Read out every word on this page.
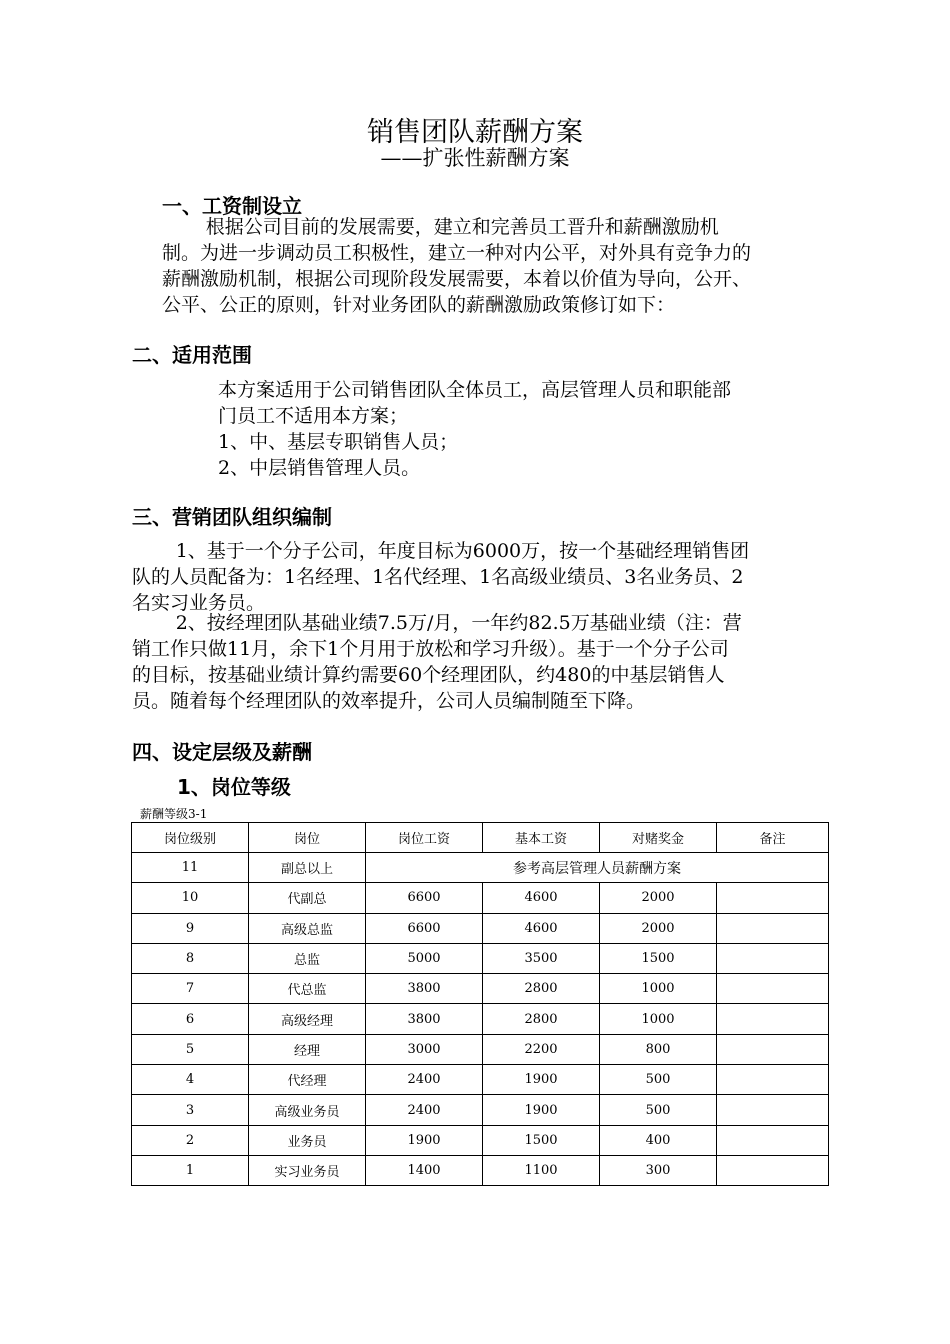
销售团队薪酬方案
——扩张性薪酬方案
一、工资制设立
根据公司目前的发展需要，建立和完善员工晋升和薪酬激励机
制。为进一步调动员工积极性，建立一种对内公平，对外具有竞争力的
薪酬激励机制，根据公司现阶段发展需要，本着以价值为导向，公开、
公平、公正的原则，针对业务团队的薪酬激励政策修订如下：
二、适用范围
本方案适用于公司销售团队全体员工，高层管理人员和职能部
门员工不适用本方案；
1、中、基层专职销售人员；
2、中层销售管理人员。
三、营销团队组织编制
1、基于一个分子公司，年度目标为6000万，按一个基础经理销售团
队的人员配备为：1名经理、1名代经理、1名高级业绩员、3名业务员、2
名实习业务员。
2、按经理团队基础业绩7.5万/月，一年约82.5万基础业绩（注：营
销工作只做11月，余下1个月用于放松和学习升级）。基于一个分子公司
的目标，按基础业绩计算约需要60个经理团队，约480的中基层销售人
员。随着每个经理团队的效率提升，公司人员编制随至下降。
四、设定层级及薪酬
1、岗位等级
薪酬等级3-1
岗位级别	岗位	岗位工资	基本工资	对赌奖金	备注
11	副总以上	参考高层管理人员薪酬方案			
10	代副总	6600	4600	2000	
9	高级总监	6600	4600	2000	
8	总监	5000	3500	1500	
7	代总监	3800	2800	1000	
6	高级经理	3800	2800	1000	
5	经理	3000	2200	800	
4	代经理	2400	1900	500	
3	高级业务员	2400	1900	500	
2	业务员	1900	1500	400	
1	实习业务员	1400	1100	300	
